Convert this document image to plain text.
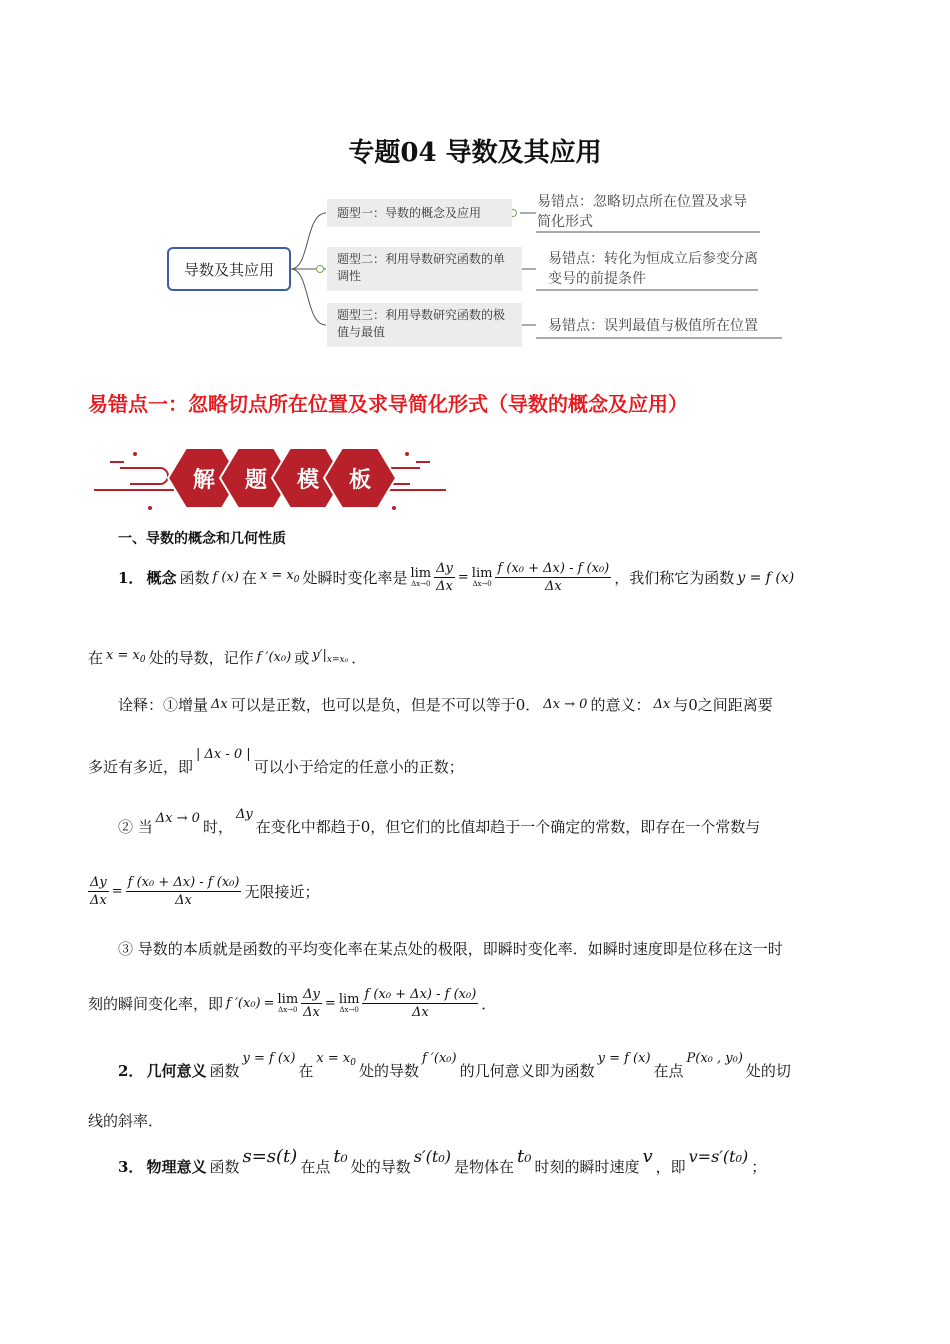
专题04 导数及其应用
导数及其应用
题型一：导数的概念及应用
题型二：利用导数研究函数的单调性
题型三：利用导数研究函数的极值与最值
易错点：忽略切点所在位置及求导简化形式
易错点：转化为恒成立后参变分离变号的前提条件
易错点：误判最值与极值所在位置
易错点一：忽略切点所在位置及求导简化形式（导数的概念及应用）
解	题	模	板
一、导数的概念和几何性质
1． 概念 函数 f (x) 在 $x = x_0$ 处瞬时变化率是 lim
$\Delta x\to 0 \frac{\Delta y}{\Delta x} = \lim$
$\Delta x\to 0 \frac{\text{f (x₀ + Δx) - f (x₀)}}{\Delta x}$ ，我们称它为函数 y = f (x)
在 $x = x_0$ 处的导数，记作 f ′(x₀) 或 $y'|_{x=x_0}$ ．
诠释：①增量 Δx 可以是正数，也可以是负，但是不可以等于0． Δx → 0 的意义： Δx 与0之间距离要
多近有多近，即
| Δx - 0 |
可以小于给定的任意小的正数；
② 当 Δx → 0 时，
Δy
在变化中都趋于0，但它们的比值却趋于一个确定的常数，即存在一个常数与
$\frac{\Delta y}{\Delta x} = \frac{\text{f (x₀ + Δx) - f (x₀)}}{\Delta x}$ 无限接近；
③ 导数的本质就是函数的平均变化率在某点处的极限，即瞬时变化率．如瞬时速度即是位移在这一时
刻的瞬间变化率，即 f ′(x₀) = lim
$\Delta x\to 0 \frac{\Delta y}{\Delta x} = \lim$
$\Delta x\to 0 \frac{\text{f (x₀ + Δx) - f (x₀)}}{\Delta x}$ ．
2． 几何意义 函数
y = f (x)
在
$x = x_0$ 处的导数
f ′(x₀)
的几何意义即为函数
y = f (x)
在点
P(x₀ , y₀)
处的切
线的斜率．
3． 物理意义 函数 s=s(t) 在点 t₀ 处的导数
s′(t₀)
是物体在 t₀ 时刻的瞬时速度 v ，即
v=s′(t₀)
；
